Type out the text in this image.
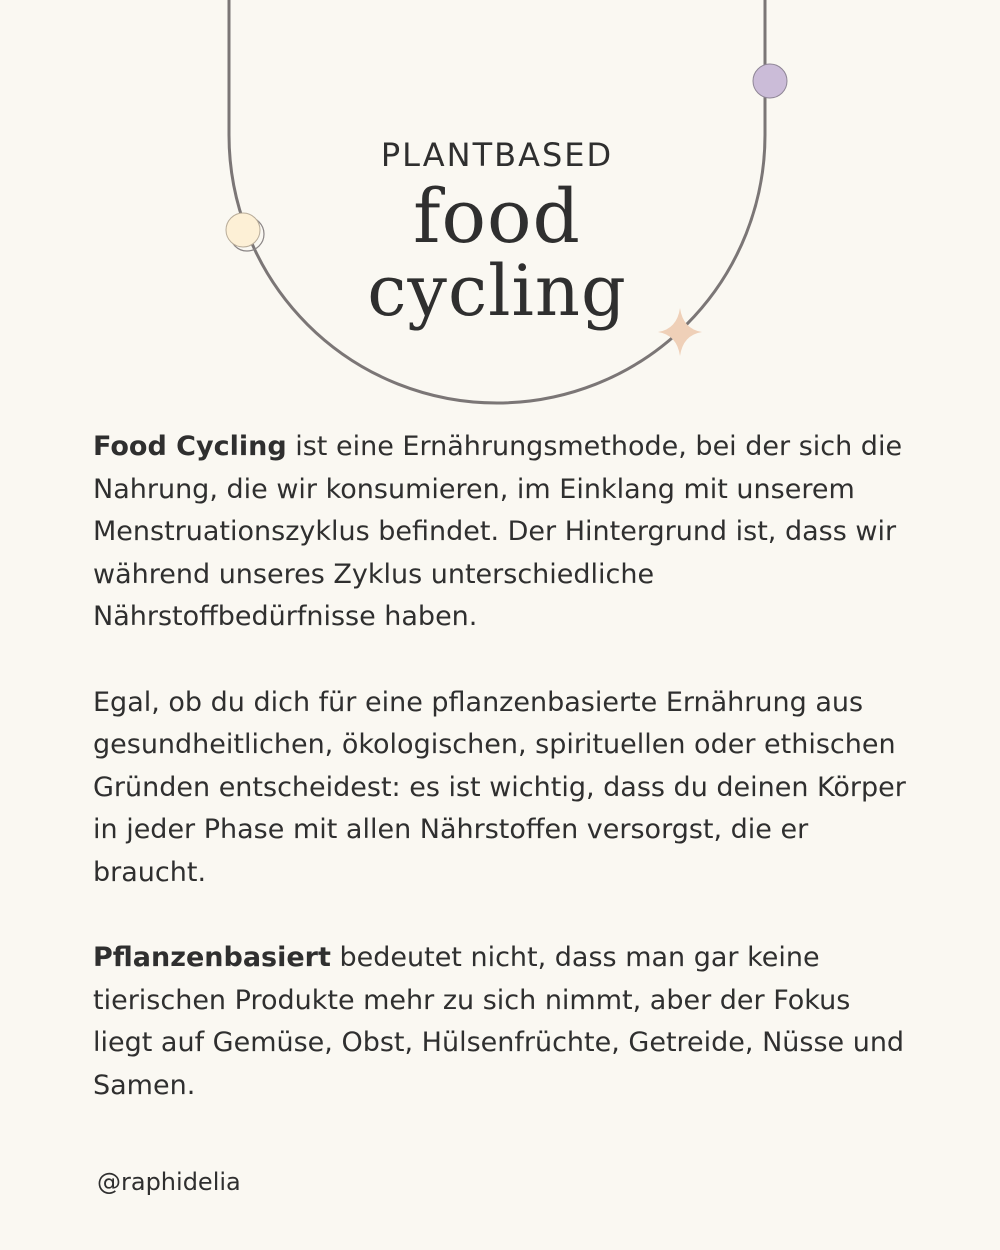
PLANTBASED
food
cycling

Food Cycling ist eine Ernährungsmethode, bei der sich die Nahrung, die wir konsumieren, im Einklang mit unserem Menstruationszyklus befindet. Der Hintergrund ist, dass wir während unseres Zyklus unterschiedliche Nährstoffbedürfnisse haben.

Egal, ob du dich für eine pflanzenbasierte Ernährung aus gesundheitlichen, ökologischen, spirituellen oder ethischen Gründen entscheidest: es ist wichtig, dass du deinen Körper in jeder Phase mit allen Nährstoffen versorgst, die er braucht.

Pflanzenbasiert bedeutet nicht, dass man gar keine tierischen Produkte mehr zu sich nimmt, aber der Fokus liegt auf Gemüse, Obst, Hülsenfrüchte, Getreide, Nüsse und Samen.

@raphidelia
